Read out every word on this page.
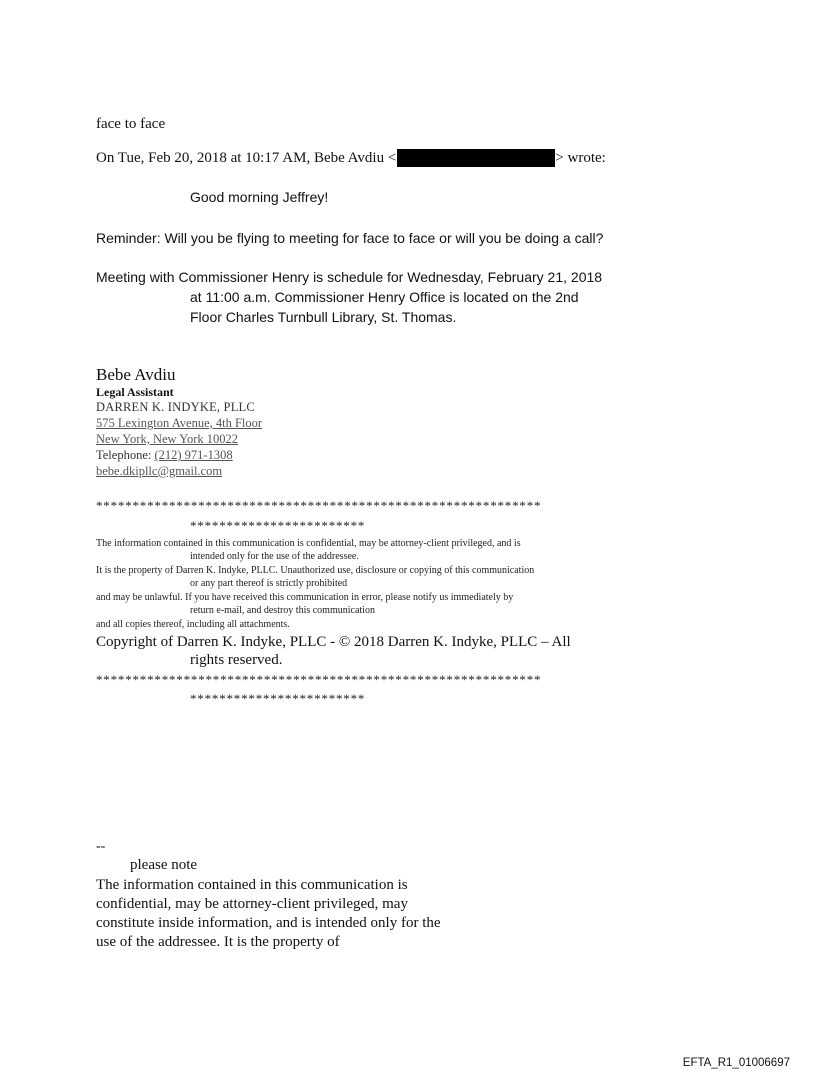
face to face
On Tue, Feb 20, 2018 at 10:17 AM, Bebe Avdiu <	> wrote:
Good morning Jeffrey!
Reminder: Will you be flying to meeting for face to face or will you be doing a call?
Meeting with Commissioner Henry is schedule for Wednesday, February 21, 2018
at 11:00 a.m. Commissioner Henry Office is located on the 2nd
Floor Charles Turnbull Library, St. Thomas.
Bebe Avdiu
Legal Assistant
DARREN K. INDYKE, PLLC
575 Lexington Avenue, 4th Floor
New York, New York 10022
Telephone: (212) 971-1308
bebe.dkipllc@gmail.com
*************************************************************
************************
The information contained in this communication is confidential, may be attorney-client privileged, and is
intended only for the use of the addressee.
It is the property of Darren K. Indyke, PLLC. Unauthorized use, disclosure or copying of this communication
or any part thereof is strictly prohibited
and may be unlawful. If you have received this communication in error, please notify us immediately by
return e-mail, and destroy this communication
and all copies thereof, including all attachments.
Copyright of Darren K. Indyke, PLLC - © 2018 Darren K. Indyke, PLLC – All
rights reserved.
*************************************************************
************************
--
please note
The information contained in this communication is confidential, may be attorney-client privileged, may constitute inside information, and is intended only for the use of the addressee. It is the property of
EFTA_R1_01006697
